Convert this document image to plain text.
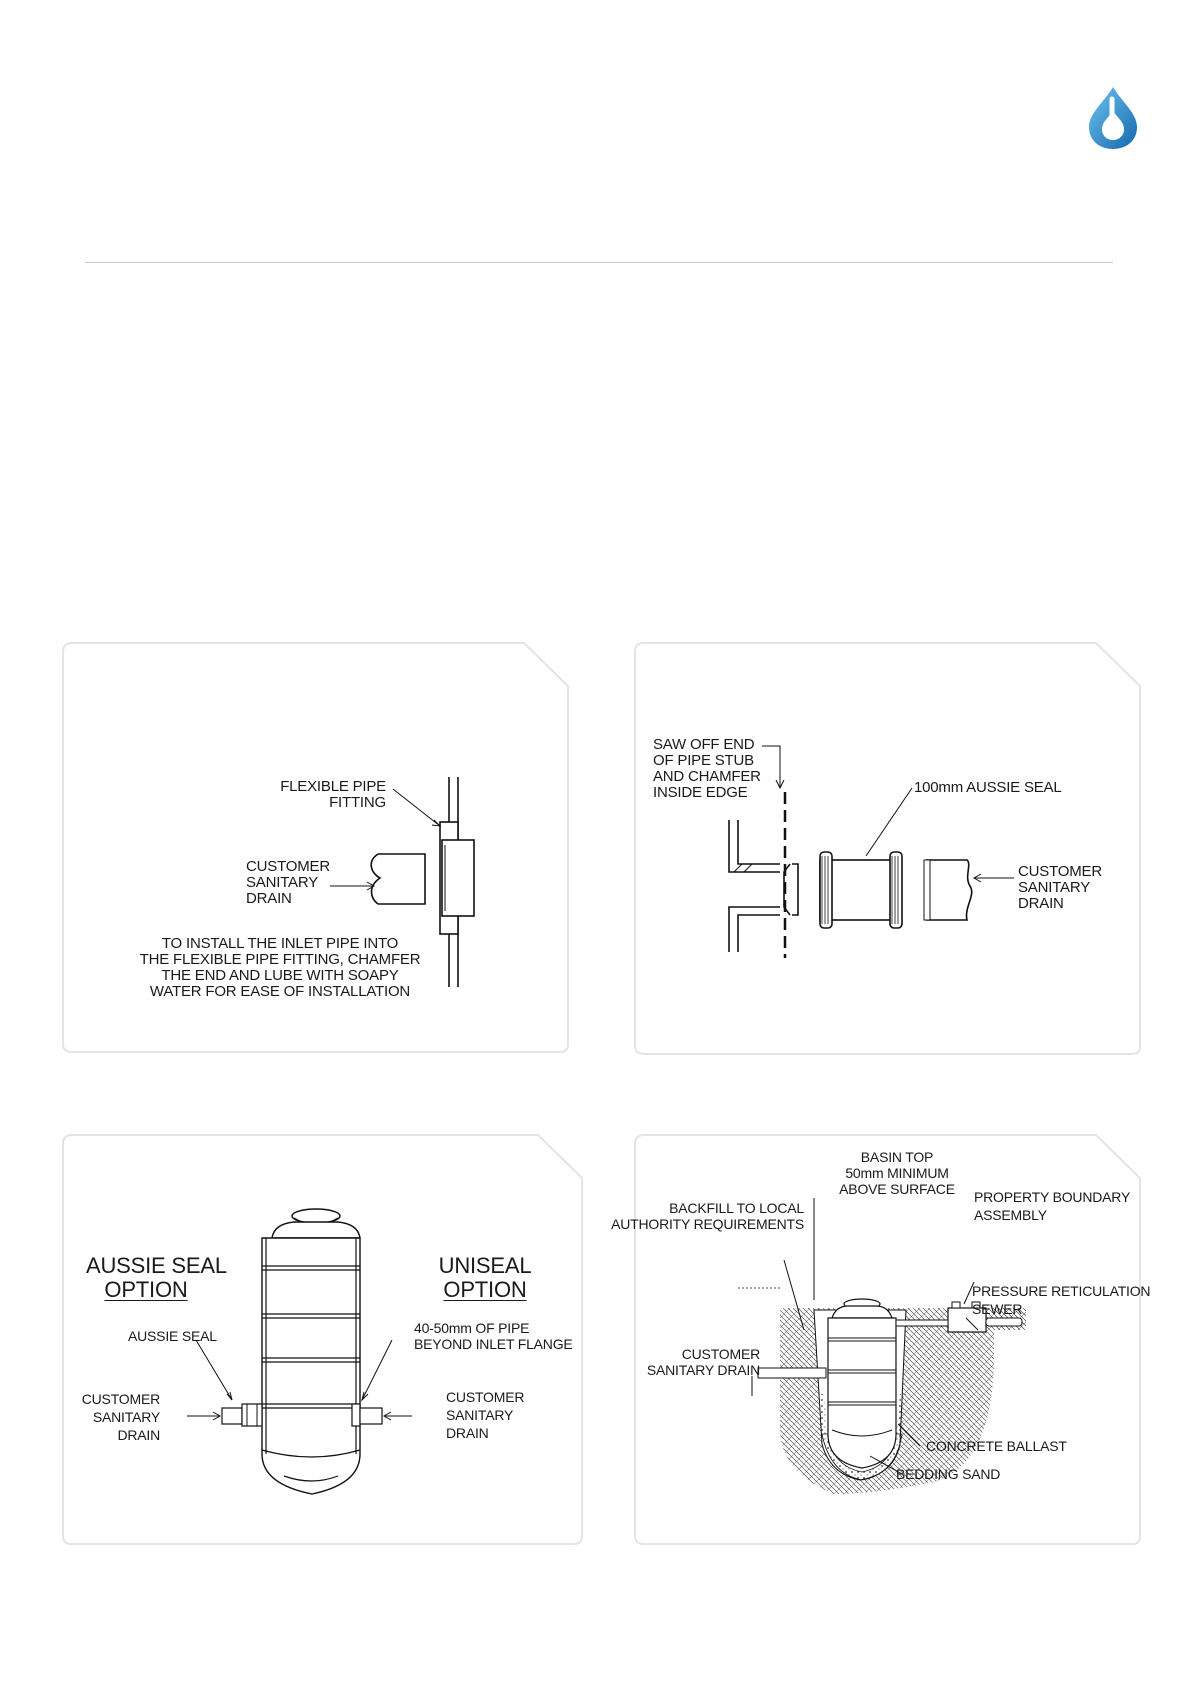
FLEXIBLE PIPE
FITTING
CUSTOMER
SANITARY
DRAIN
TO INSTALL THE INLET PIPE INTO
THE FLEXIBLE PIPE FITTING, CHAMFER
THE END AND LUBE WITH SOAPY
WATER FOR EASE OF INSTALLATION
SAW OFF END
OF PIPE STUB
AND CHAMFER
INSIDE EDGE	100mm AUSSIE SEAL
CUSTOMER
SANITARY
DRAIN
AUSSIE SEAL
OPTION
UNISEAL
OPTION
AUSSIE SEAL	40-50mm OF PIPE
BEYOND INLET FLANGE
CUSTOMER
SANITARY
DRAIN
CUSTOMER
SANITARY
DRAIN
BASIN TOP
50mm MINIMUM
ABOVE SURFACE
BACKFILL TO LOCAL
AUTHORITY REQUIREMENTS
PROPERTY BOUNDARY
ASSEMBLY
PRESSURE RETICULATION
SEWER
CUSTOMER
SANITARY DRAIN
CONCRETE BALLAST
BEDDING SAND
